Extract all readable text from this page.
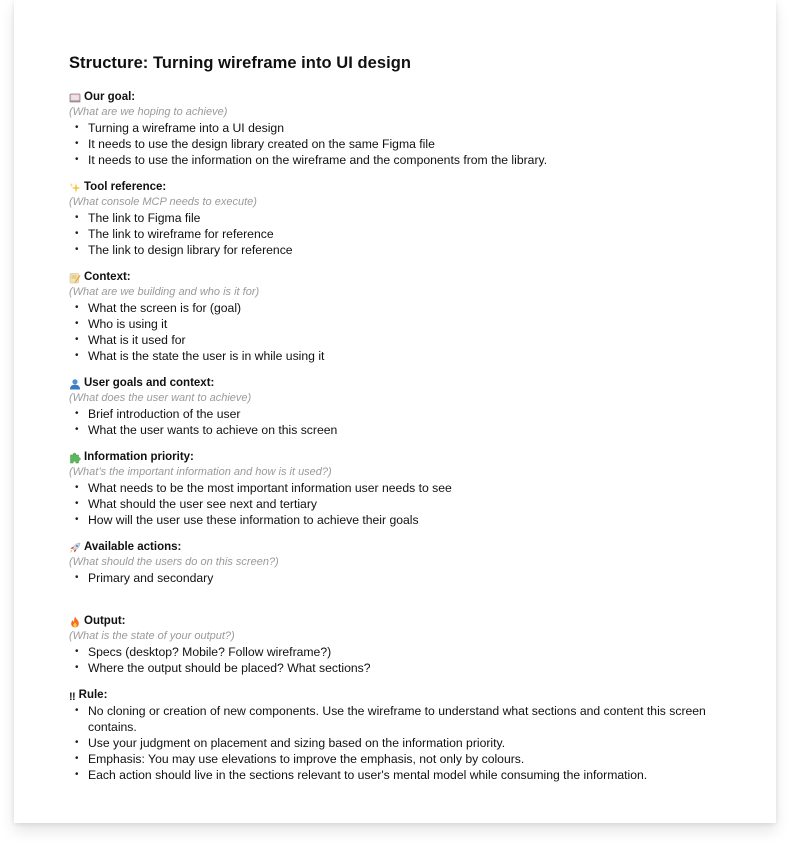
Structure: Turning wireframe into UI design
Our goal:
(What are we hoping to achieve)
• Turning a wireframe into a UI design
• It needs to use the design library created on the same Figma file
• It needs to use the information on the wireframe and the components from the library.
Tool reference:
(What console MCP needs to execute)
• The link to Figma file
• The link to wireframe for reference
• The link to design library for reference
Context:
(What are we building and who is it for)
• What the screen is for (goal)
• Who is using it
• What is it used for
• What is the state the user is in while using it
User goals and context:
(What does the user want to achieve)
• Brief introduction of the user
• What the user wants to achieve on this screen
Information priority:
(What’s the important information and how is it used?)
• What needs to be the most important information user needs to see
• What should the user see next and tertiary
• How will the user use these information to achieve their goals
Available actions:
(What should the users do on this screen?)
• Primary and secondary
Output:
(What is the state of your output?)
• Specs (desktop? Mobile? Follow wireframe?)
• Where the output should be placed? What sections?
‼ Rule:
• No cloning or creation of new components. Use the wireframe to understand what sections and content this screen contains.
• Use your judgment on placement and sizing based on the information priority.
• Emphasis: You may use elevations to improve the emphasis, not only by colours.
• Each action should live in the sections relevant to user's mental model while consuming the information.
